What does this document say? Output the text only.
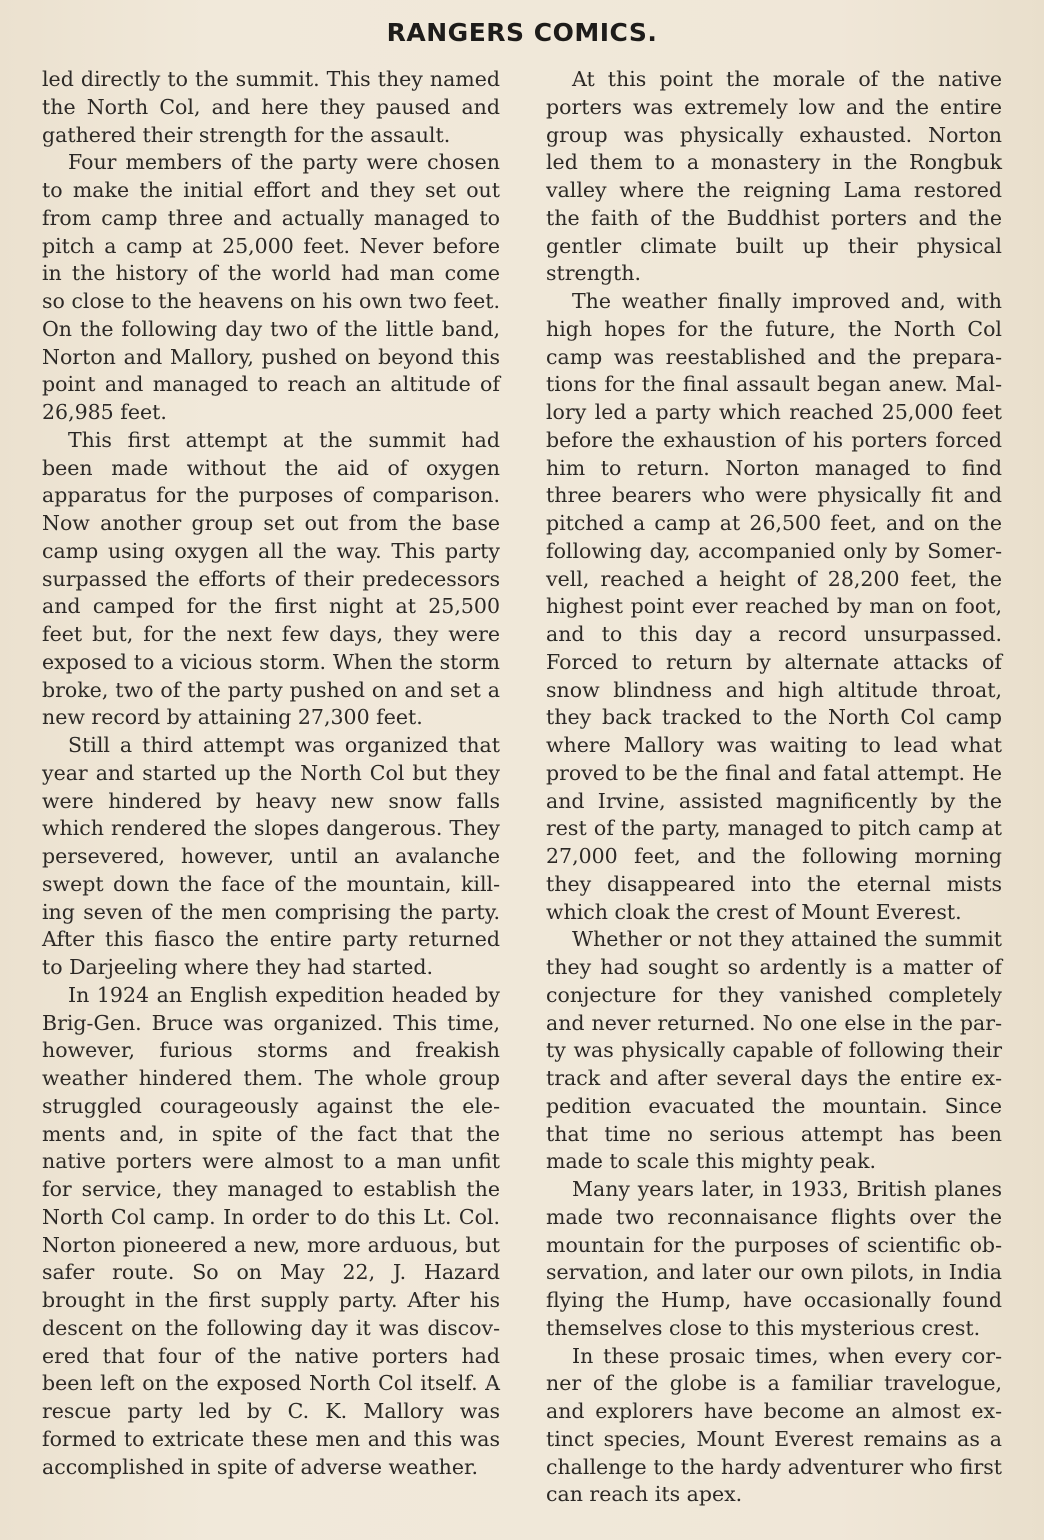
RANGERS COMICS.

led directly to the summit. This they named the North Col, and here they paused and gathered their strength for the assault.

Four members of the party were chosen to make the initial effort and they set out from camp three and actually managed to pitch a camp at 25,000 feet. Never before in the history of the world had man come so close to the heavens on his own two feet. On the following day two of the little band, Norton and Mallory, pushed on beyond this point and managed to reach an altitude of 26,985 feet.

This first attempt at the summit had been made without the aid of oxygen apparatus for the purposes of comparison. Now another group set out from the base camp using oxygen all the way. This party surpassed the efforts of their predecessors and camped for the first night at 25,500 feet but, for the next few days, they were exposed to a vicious storm. When the storm broke, two of the party pushed on and set a new record by attaining 27,300 feet.

Still a third attempt was organized that year and started up the North Col but they were hindered by heavy new snow falls which rendered the slopes dangerous. They persevered, however, until an avalanche swept down the face of the mountain, killing seven of the men comprising the party. After this fiasco the entire party returned to Darjeeling where they had started.

In 1924 an English expedition headed by Brig-Gen. Bruce was organized. This time, however, furious storms and freakish weather hindered them. The whole group struggled courageously against the elements and, in spite of the fact that the native porters were almost to a man unfit for service, they managed to establish the North Col camp. In order to do this Lt. Col. Norton pioneered a new, more arduous, but safer route. So on May 22, J. Hazard brought in the first supply party. After his descent on the following day it was discovered that four of the native porters had been left on the exposed North Col itself. A rescue party led by C. K. Mallory was formed to extricate these men and this was accomplished in spite of adverse weather.

At this point the morale of the native porters was extremely low and the entire group was physically exhausted. Norton led them to a monastery in the Rongbuk valley where the reigning Lama restored the faith of the Buddhist porters and the gentler climate built up their physical strength.

The weather finally improved and, with high hopes for the future, the North Col camp was reestablished and the preparations for the final assault began anew. Mallory led a party which reached 25,000 feet before the exhaustion of his porters forced him to return. Norton managed to find three bearers who were physically fit and pitched a camp at 26,500 feet, and on the following day, accompanied only by Somervell, reached a height of 28,200 feet, the highest point ever reached by man on foot, and to this day a record unsurpassed. Forced to return by alternate attacks of snow blindness and high altitude throat, they back tracked to the North Col camp where Mallory was waiting to lead what proved to be the final and fatal attempt. He and Irvine, assisted magnificently by the rest of the party, managed to pitch camp at 27,000 feet, and the following morning they disappeared into the eternal mists which cloak the crest of Mount Everest.

Whether or not they attained the summit they had sought so ardently is a matter of conjecture for they vanished completely and never returned. No one else in the party was physically capable of following their track and after several days the entire expedition evacuated the mountain. Since that time no serious attempt has been made to scale this mighty peak.

Many years later, in 1933, British planes made two reconnaisance flights over the mountain for the purposes of scientific observation, and later our own pilots, in India flying the Hump, have occasionally found themselves close to this mysterious crest.

In these prosaic times, when every corner of the globe is a familiar travelogue, and explorers have become an almost extinct species, Mount Everest remains as a challenge to the hardy adventurer who first can reach its apex.
